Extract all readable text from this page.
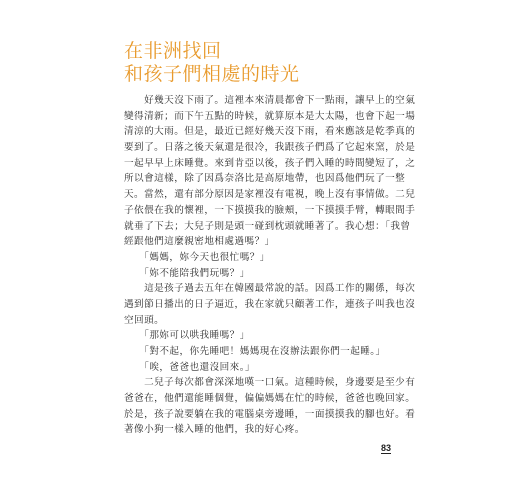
在非洲找回
和孩子們相處的時光
　　好幾天沒下雨了。這裡本來清晨都會下一點雨，讓早上的空氣
變得清新；而下午五點的時候，就算原本是大太陽，也會下起一場
清涼的大雨。但是，最近已經好幾天沒下雨，看來應該是乾季真的
要到了。日落之後天氣還是很冷，我跟孩子們爲了它起來窯，於是
一起早早上床睡覺。來到肯亞以後，孩子們入睡的時間變短了，之
所以會這樣，除了因爲奈洛比是高原地帶，也因爲他們玩了一整
天。當然，還有部分原因是家裡沒有電視，晚上沒有事情做。二兒
子依偎在我的懷裡，一下摸摸我的臉頰，一下摸摸手臂，轉眼間手
就垂了下去；大兒子則是頭一碰到枕頭就睡著了。我心想：「我曾
經跟他們這麼親密地相處過嗎？」
　　「媽媽，妳今天也很忙嗎？」
　　「妳不能陪我們玩嗎？」
　　這是孩子過去五年在韓國最常說的話。因爲工作的關係，每次
遇到節日播出的日子逼近，我在家就只顧著工作，連孩子叫我也沒
空回頭。
　　「那妳可以哄我睡嗎？」
　　「對不起，你先睡吧！媽媽現在沒辦法跟你們一起睡。」
　　「唉，爸爸也還沒回來。」
　　二兒子每次都會深深地嘆一口氣。這種時候，身邊要是至少有
爸爸在，他們還能睡個覺，偏偏媽媽在忙的時候，爸爸也晚回家。
於是，孩子說要躺在我的電腦桌旁邊睡，一面摸摸我的腳也好。看
著像小狗一樣入睡的他們，我的好心疼。
83
